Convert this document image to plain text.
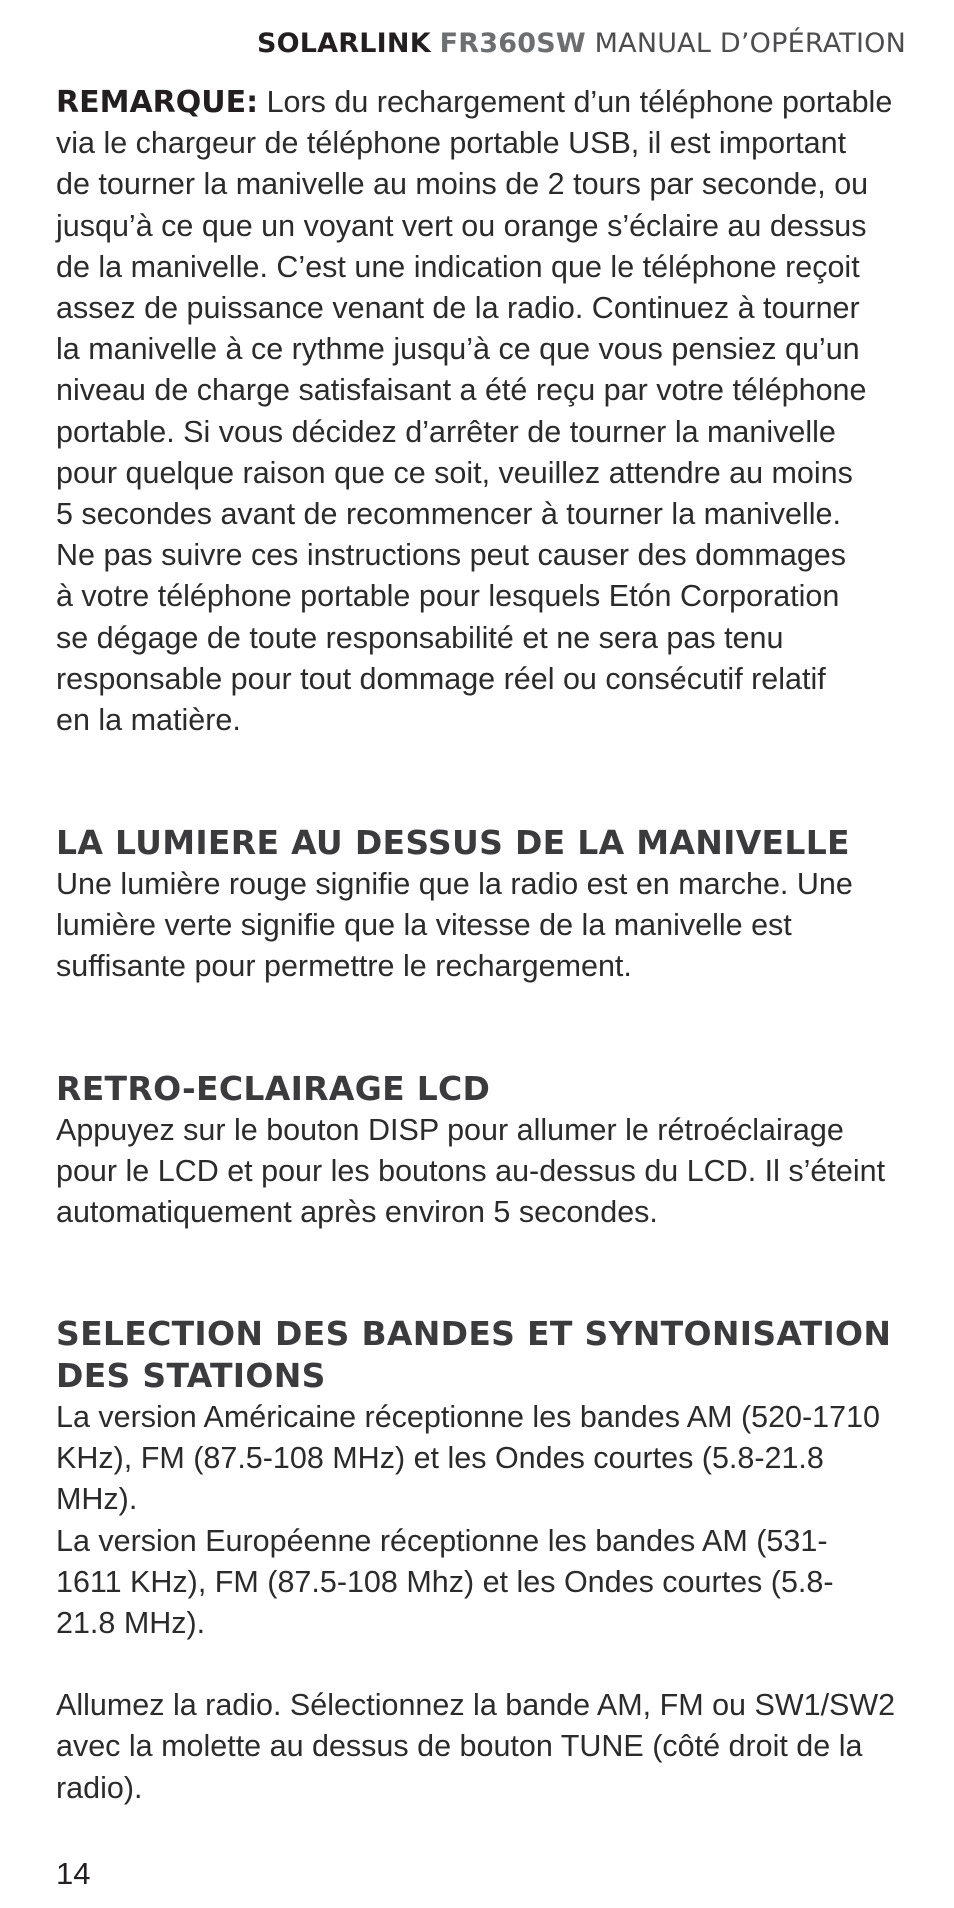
SOLARLINK FR360SW MANUAL D’OPÉRATION

REMARQUE: Lors du rechargement d’un téléphone portable
via le chargeur de téléphone portable USB, il est important
de tourner la manivelle au moins de 2 tours par seconde, ou
jusqu’à ce que un voyant vert ou orange s’éclaire au dessus
de la manivelle. C’est une indication que le téléphone reçoit
assez de puissance venant de la radio. Continuez à tourner
la manivelle à ce rythme jusqu’à ce que vous pensiez qu’un
niveau de charge satisfaisant a été reçu par votre téléphone
portable. Si vous décidez d’arrêter de tourner la manivelle
pour quelque raison que ce soit, veuillez attendre au moins
5 secondes avant de recommencer à tourner la manivelle.
Ne pas suivre ces instructions peut causer des dommages
à votre téléphone portable pour lesquels Etón Corporation
se dégage de toute responsabilité et ne sera pas tenu
responsable pour tout dommage réel ou consécutif relatif
en la matière.

LA LUMIERE AU DESSUS DE LA MANIVELLE

Une lumière rouge signifie que la radio est en marche. Une
lumière verte signifie que la vitesse de la manivelle est
suffisante pour permettre le rechargement.

RETRO-ECLAIRAGE LCD

Appuyez sur le bouton DISP pour allumer le rétroéclairage
pour le LCD et pour les boutons au-dessus du LCD. Il s’éteint
automatiquement après environ 5 secondes.

SELECTION DES BANDES ET SYNTONISATION
DES STATIONS

La version Américaine réceptionne les bandes AM (520-1710
KHz), FM (87.5-108 MHz) et les Ondes courtes (5.8-21.8
MHz).
La version Européenne réceptionne les bandes AM (531-
1611 KHz), FM (87.5-108 Mhz) et les Ondes courtes (5.8-
21.8 MHz).

Allumez la radio. Sélectionnez la bande AM, FM ou SW1/SW2
avec la molette au dessus de bouton TUNE (côté droit de la
radio).

14
